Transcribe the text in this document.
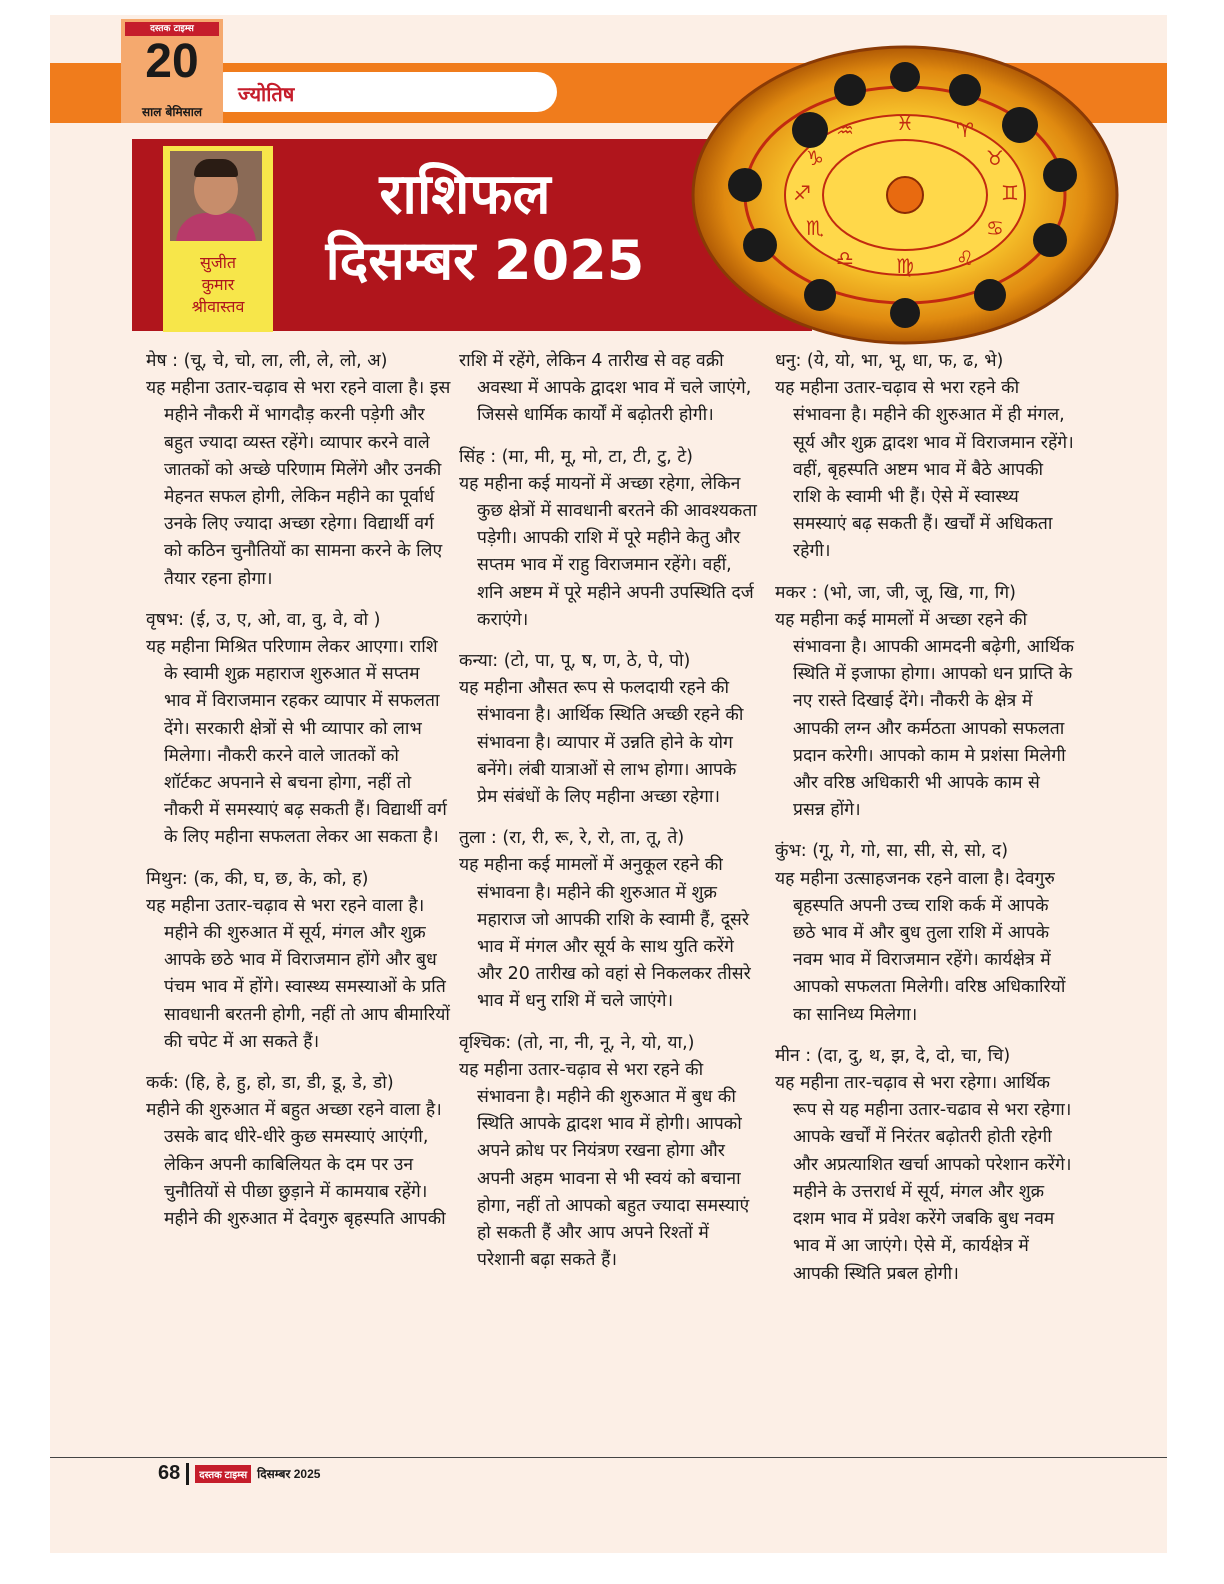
ज्योतिष
दस्तक टाइम्स
20
साल बेमिसाल
सुजीत
कुमार
श्रीवास्तव
राशिफल
दिसम्बर 2025
♓ ♈
♉
♊
♋
♌
♍
♎
♏
♐
♑
♒
मेष : (चू, चे, चो, ला, ली, ले, लो, अ)
यह महीना उतार-चढ़ाव से भरा रहने वाला है। इस महीने नौकरी में भागदौड़ करनी पड़ेगी और बहुत ज्यादा व्यस्त रहेंगे। व्यापार करने वाले जातकों को अच्छे परिणाम मिलेंगे और उनकी मेहनत सफल होगी, लेकिन महीने का पूर्वार्ध उनके लिए ज्यादा अच्छा रहेगा। विद्यार्थी वर्ग को कठिन चुनौतियों का सामना करने के लिए तैयार रहना होगा।
वृषभ: (ई, उ, ए, ओ, वा, वु, वे, वो )
यह महीना मिश्रित परिणाम लेकर आएगा। राशि के स्वामी शुक्र महाराज शुरुआत में सप्तम भाव में विराजमान रहकर व्यापार में सफलता देंगे। सरकारी क्षेत्रों से भी व्यापार को लाभ मिलेगा। नौकरी करने वाले जातकों को शॉर्टकट अपनाने से बचना होगा, नहीं तो नौकरी में समस्याएं बढ़ सकती हैं। विद्यार्थी वर्ग के लिए महीना सफलता लेकर आ सकता है।
मिथुन: (क, की, घ, छ, के, को, ह)
यह महीना उतार-चढ़ाव से भरा रहने वाला है। महीने की शुरुआत में सूर्य, मंगल और शुक्र आपके छठे भाव में विराजमान होंगे और बुध पंचम भाव में होंगे। स्वास्थ्य समस्याओं के प्रति सावधानी बरतनी होगी, नहीं तो आप बीमारियों की चपेट में आ सकते हैं।
कर्क: (हि, हे, हु, हो, डा, डी, डू, डे, डो)
महीने की शुरुआत में बहुत अच्छा रहने वाला है। उसके बाद धीरे-धीरे कुछ समस्याएं आएंगी, लेकिन अपनी काबिलियत के दम पर उन चुनौतियों से पीछा छुड़ाने में कामयाब रहेंगे। महीने की शुरुआत में देवगुरु बृहस्पति आपकी
राशि में रहेंगे, लेकिन 4 तारीख से वह वक्री अवस्था में आपके द्वादश भाव में चले जाएंगे, जिससे धार्मिक कार्यों में बढ़ोतरी होगी।
सिंह : (मा, मी, मू, मो, टा, टी, टु, टे)
यह महीना कई मायनों में अच्छा रहेगा, लेकिन कुछ क्षेत्रों में सावधानी बरतने की आवश्यकता पड़ेगी। आपकी राशि में पूरे महीने केतु और सप्तम भाव में राहु विराजमान रहेंगे। वहीं, शनि अष्टम में पूरे महीने अपनी उपस्थिति दर्ज कराएंगे।
कन्या: (टो, पा, पू, ष, ण, ठे, पे, पो)
यह महीना औसत रूप से फलदायी रहने की संभावना है। आर्थिक स्थिति अच्छी रहने की संभावना है। व्यापार में उन्नति होने के योग बनेंगे। लंबी यात्राओं से लाभ होगा। आपके प्रेम संबंधों के लिए महीना अच्छा रहेगा।
तुला : (रा, री, रू, रे, रो, ता, तू, ते)
यह महीना कई मामलों में अनुकूल रहने की संभावना है। महीने की शुरुआत में शुक्र महाराज जो आपकी राशि के स्वामी हैं, दूसरे भाव में मंगल और सूर्य के साथ युति करेंगे और 20 तारीख को वहां से निकलकर तीसरे भाव में धनु राशि में चले जाएंगे।
वृश्चिक: (तो, ना, नी, नू, ने, यो, या,)
यह महीना उतार-चढ़ाव से भरा रहने की संभावना है। महीने की शुरुआत में बुध की स्थिति आपके द्वादश भाव में होगी। आपको अपने क्रोध पर नियंत्रण रखना होगा और अपनी अहम भावना से भी स्वयं को बचाना होगा, नहीं तो आपको बहुत ज्यादा समस्याएं हो सकती हैं और आप अपने रिश्तों में परेशानी बढ़ा सकते हैं।
धनु: (ये, यो, भा, भू, धा, फ, ढ, भे)
यह महीना उतार-चढ़ाव से भरा रहने की संभावना है। महीने की शुरुआत में ही मंगल, सूर्य और शुक्र द्वादश भाव में विराजमान रहेंगे। वहीं, बृहस्पति अष्टम भाव में बैठे आपकी राशि के स्वामी भी हैं। ऐसे में स्वास्थ्य समस्याएं बढ़ सकती हैं। खर्चों में अधिकता रहेगी।
मकर : (भो, जा, जी, जू, खि, गा, गि)
यह महीना कई मामलों में अच्छा रहने की संभावना है। आपकी आमदनी बढ़ेगी, आर्थिक स्थिति में इजाफा होगा। आपको धन प्राप्ति के नए रास्ते दिखाई देंगे। नौकरी के क्षेत्र में आपकी लग्न और कर्मठता आपको सफलता प्रदान करेगी। आपको काम मे प्रशंसा मिलेगी और वरिष्ठ अधिकारी भी आपके काम से प्रसन्न होंगे।
कुंभ: (गू, गे, गो, सा, सी, से, सो, द)
यह महीना उत्साहजनक रहने वाला है। देवगुरु बृहस्पति अपनी उच्च राशि कर्क में आपके छठे भाव में और बुध तुला राशि में आपके नवम भाव में विराजमान रहेंगे। कार्यक्षेत्र में आपको सफलता मिलेगी। वरिष्ठ अधिकारियों का सानिध्य मिलेगा।
मीन : (दा, दु, थ, झ, दे, दो, चा, चि)
यह महीना तार-चढ़ाव से भरा रहेगा। आर्थिक रूप से यह महीना उतार-चढाव से भरा रहेगा। आपके खर्चों में निरंतर बढ़ोतरी होती रहेगी और अप्रत्याशित खर्चा आपको परेशान करेंगे। महीने के उत्तरार्ध में सूर्य, मंगल और शुक्र दशम भाव में प्रवेश करेंगे जबकि बुध नवम भाव में आ जाएंगे। ऐसे में, कार्यक्षेत्र में आपकी स्थिति प्रबल होगी।
68 दस्तक टाइम्स दिसम्बर 2025
